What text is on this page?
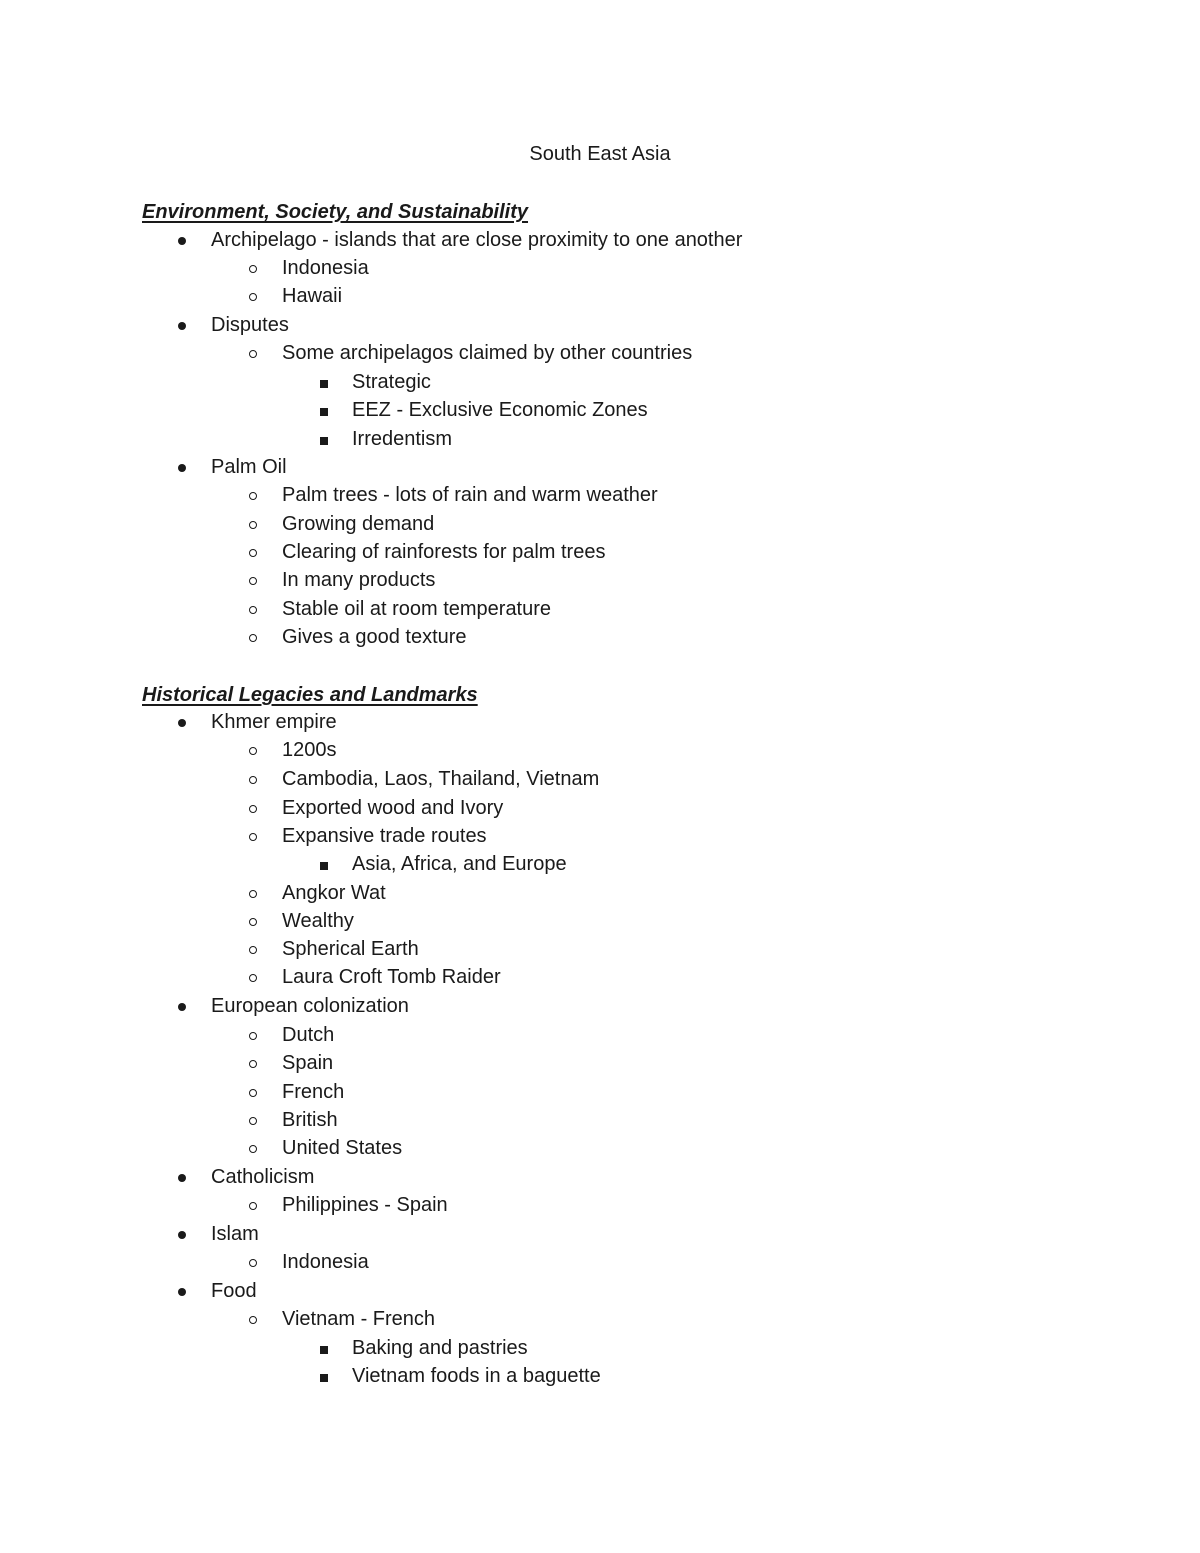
South East Asia
Environment, Society, and Sustainability
Archipelago - islands that are close proximity to one another
Indonesia
Hawaii
Disputes
Some archipelagos claimed by other countries
Strategic
EEZ - Exclusive Economic Zones
Irredentism
Palm Oil
Palm trees - lots of rain and warm weather
Growing demand
Clearing of rainforests for palm trees
In many products
Stable oil at room temperature
Gives a good texture
Historical Legacies and Landmarks
Khmer empire
1200s
Cambodia, Laos, Thailand, Vietnam
Exported wood and Ivory
Expansive trade routes
Asia, Africa, and Europe
Angkor Wat
Wealthy
Spherical Earth
Laura Croft Tomb Raider
European colonization
Dutch
Spain
French
British
United States
Catholicism
Philippines - Spain
Islam
Indonesia
Food
Vietnam - French
Baking and pastries
Vietnam foods in a baguette
